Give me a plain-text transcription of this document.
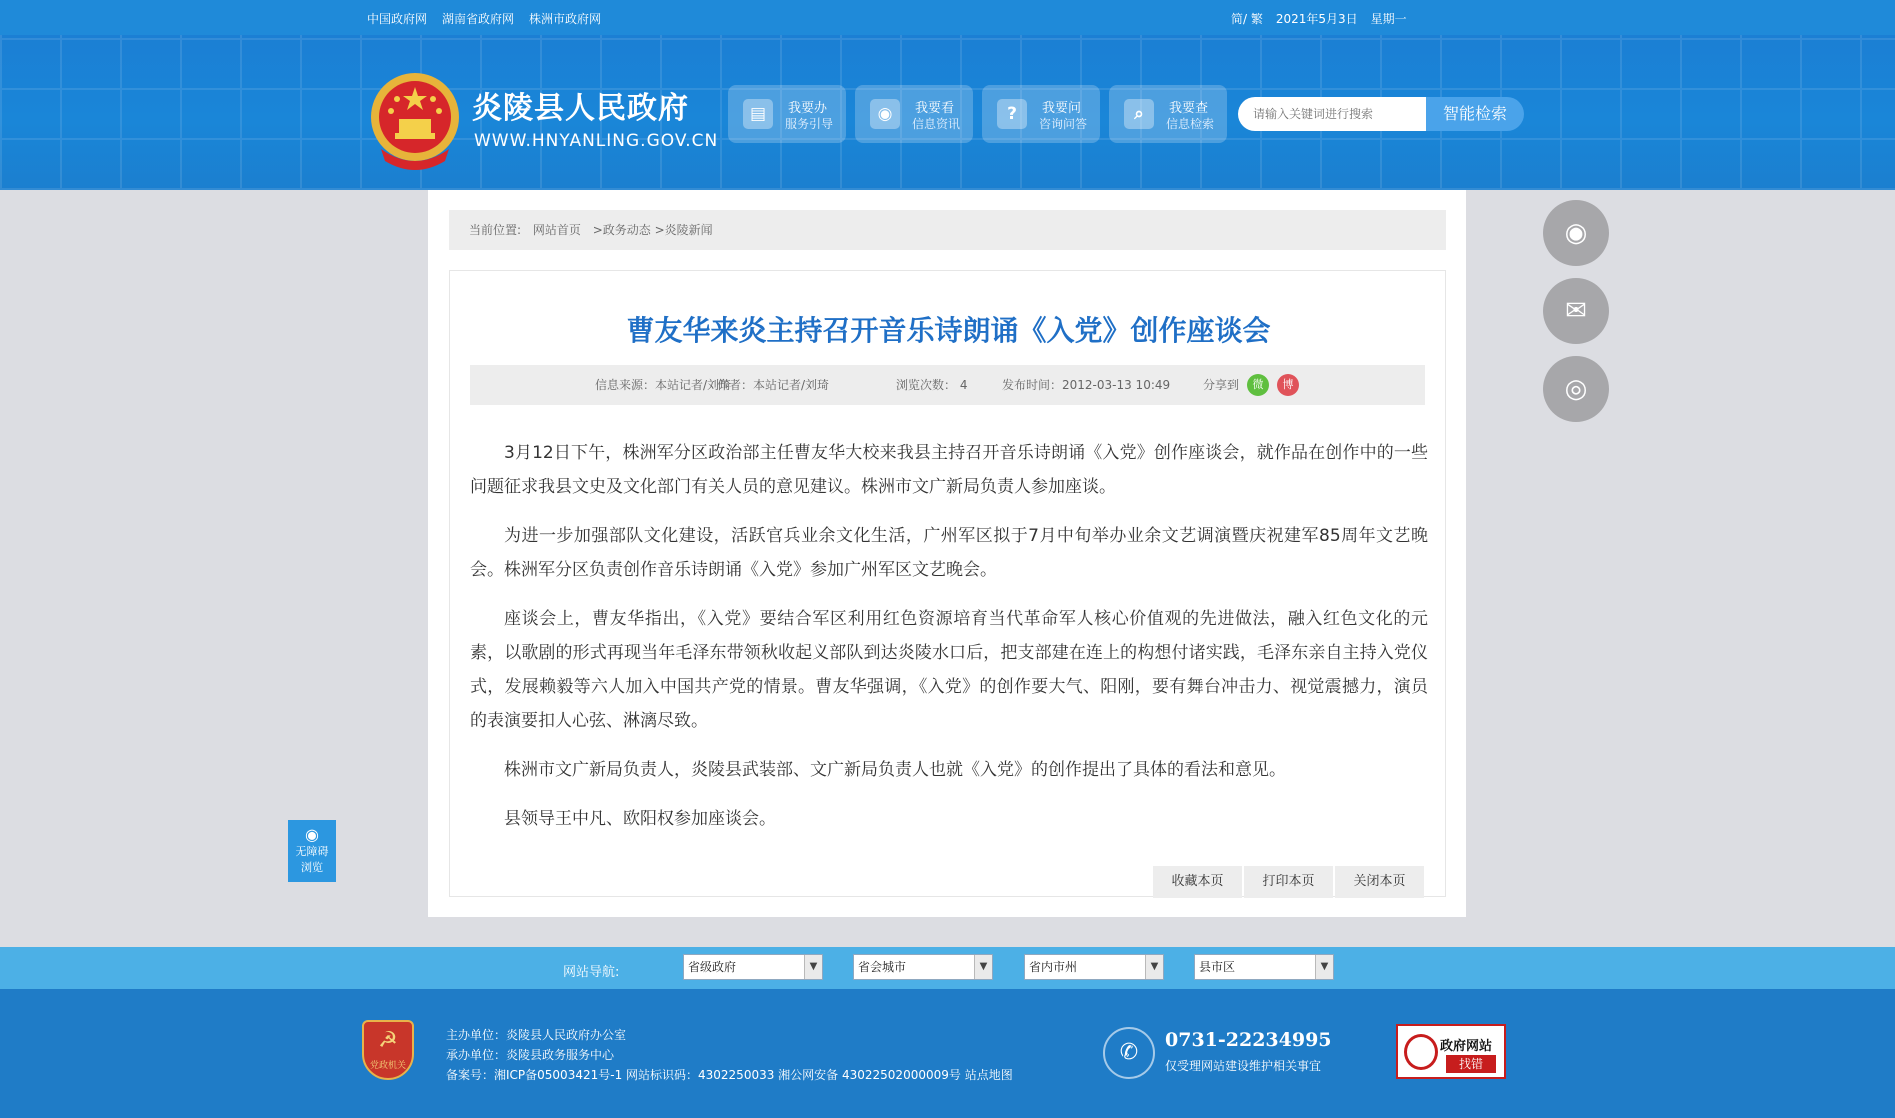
中国政府网 湖南省政府网 株洲市政府网	简/ 繁 2021年5月3日 星期一
炎陵县人民政府
WWW.HNYANLING.GOV.CN
▤	我要办
服务引导	◉	我要看
信息资讯	?	我要问
咨询问答	⌕	我要查
信息检索
请输入关键词进行搜索
智能检索
当前位置: 网站首页 >政务动态 >炎陵新闻
曹友华来炎主持召开音乐诗朗诵《入党》创作座谈会
信息来源：本站记者/刘琦
作者：本站记者/刘琦	浏览次数： 4	发布时间：2012-03-13 10:49	分享到	微	博

3月12日下午，株洲军分区政治部主任曹友华大校来我县主持召开音乐诗朗诵《入党》创作座谈会，就作品在创作中的一些问题征求我县文史及文化部门有关人员的意见建议。株洲市文广新局负责人参加座谈。

为进一步加强部队文化建设，活跃官兵业余文化生活，广州军区拟于7月中旬举办业余文艺调演暨庆祝建军85周年文艺晚会。株洲军分区负责创作音乐诗朗诵《入党》参加广州军区文艺晚会。

座谈会上，曹友华指出，《入党》要结合军区利用红色资源培育当代革命军人核心价值观的先进做法，融入红色文化的元素，以歌剧的形式再现当年毛泽东带领秋收起义部队到达炎陵水口后，把支部建在连上的构想付诸实践，毛泽东亲自主持入党仪式，发展赖毅等六人加入中国共产党的情景。曹友华强调，《入党》的创作要大气、阳刚，要有舞台冲击力、视觉震撼力，演员的表演要扣人心弦、淋漓尽致。

株洲市文广新局负责人，炎陵县武装部、文广新局负责人也就《入党》的创作提出了具体的看法和意见。

县领导王中凡、欧阳权参加座谈会。

收藏本页	打印本页	关闭本页
◉
✉
◎
◉
无障碍
浏览
网站导航:	省级政府	▼	省会城市	▼	省内市州	▼	县市区	▼
☭
党政机关
主办单位：炎陵县人民政府办公室
承办单位：炎陵县政务服务中心
备案号：湘ICP备05003421号-1 网站标识码：4302250033 湘公网安备 43022502000009号 站点地图
✆	0731-22234995
仅受理网站建设维护相关事宜
政府网站
找错
